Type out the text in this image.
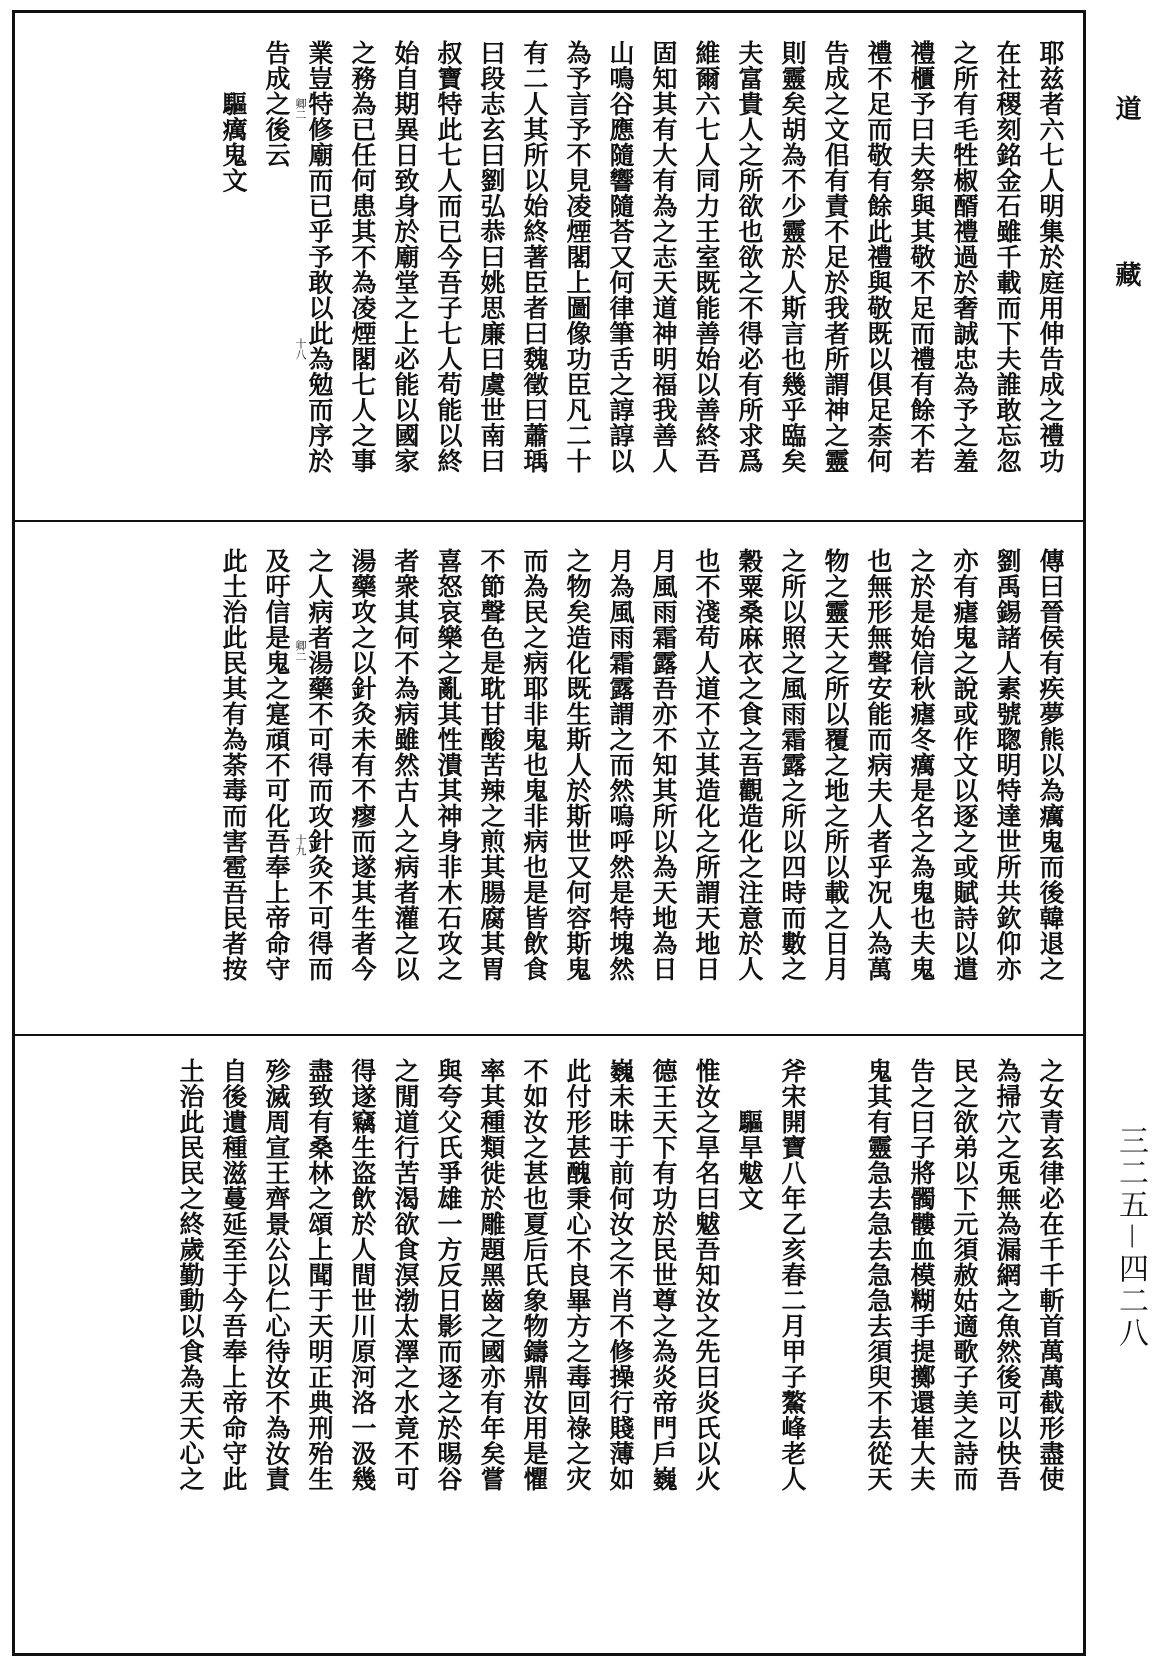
耶兹者六七人明集於庭用伸告成之禮功
在社稷刻銘金石雖千載而下夫誰敢忘忽
之所有毛牲椒醑禮過於奢誠忠為予之羞
禮櫃予曰夫祭與其敬不足而禮有餘不若
禮不足而敬有餘此禮與敬既以俱足柰何
告成之文佀有責不足於我者所謂神之靈
則靈矣胡為不少靈於人斯言也幾乎臨矣
夫富貴人之所欲也欲之不得必有所求爲
維爾六七人同力王室既能善始以善終吾
固知其有大有為之志天道神明福我善人
山鳴谷應隨響隨荅又何律筆舌之諄諄以
為予言予不見凌煙閣上圖像功臣凡二十
有二人其所以始終著臣者曰魏徵曰蕭瑀
曰段志玄曰劉弘恭曰姚思廉曰虞世南曰
叔寶特此七人而已今吾子七人苟能以終
始自期異日致身於廟堂之上必能以國家
之務為已任何患其不為凌煙閣七人之事
業豈特修廟而已乎予敢以此為勉而序於
告成之後云
　　驅癘鬼文
傳曰晉侯有疾夢熊以為癘鬼而後韓退之
劉禹錫諸人素號聦明特達世所共欽仰亦
亦有瘧鬼之說或作文以逐之或賦詩以遣
之於是始信秋瘧冬癘是名之為鬼也夫鬼
也無形無聲安能而病夫人者乎况人為萬
物之靈天之所以覆之地之所以載之日月
之所以照之風雨霜露之所以四時而數之
穀粟桑麻衣之食之吾觀造化之注意於人
也不淺苟人道不立其造化之所謂天地日
月風雨霜露吾亦不知其所以為天地為日
月為風雨霜露謂之而然嗚呼然是特塊然
之物矣造化既生斯人於斯世又何容斯鬼
而為民之病耶非鬼也鬼非病也是皆飲食
不節聲色是耽甘酸苦辣之煎其腸腐其胃
喜怒哀樂之亂其性潰其神身非木石攻之
者衆其何不為病雖然古人之病者灌之以
湯藥攻之以針灸未有不瘳而遂其生者今
之人病者湯藥不可得而攻針灸不可得而
及吁信是鬼之寔頑不可化吾奉上帝命守
此土治此民其有為荼毒而害雹吾民者按
之女青玄律必在千千斬首萬萬截形盡使
為掃穴之兎無為漏網之魚然後可以快吾
民之欲弟以下元須赦姑適歌子美之詩而
告之曰子將髑髏血模糊手提擲還崔大夫
鬼其有靈急去急去急急去須臾不去從天
斧宋開寶八年乙亥春二月甲子鰲峰老人
　　驅旱魃文
惟汝之旱名曰魃吾知汝之先曰炎氏以火
德王天下有功於民世尊之為炎帝門戶巍
巍未昧于前何汝之不肖不修操行賤薄如
此付形甚醜秉心不良畢方之毒回祿之灾
不如汝之甚也夏后氏象物鑄鼎汝用是懼
率其種類徙於雕題黑齒之國亦有年矣嘗
與夸父氏爭雄一方反日影而逐之於晹谷
之閒道行苦渴欲食溟渤太澤之水竟不可
得遂竊生盗飲於人間世川原河洛一汲幾
盡致有桑林之頌上聞于天明正典刑殆生
殄滅周宣王齊景公以仁心待汝不為汝責
自後遺種滋蔓延至于今吾奉上帝命守此
土治此民民之終歲勤動以食為天天心之
卿二
十八
卿二
十九
道藏
三二五－四二八
